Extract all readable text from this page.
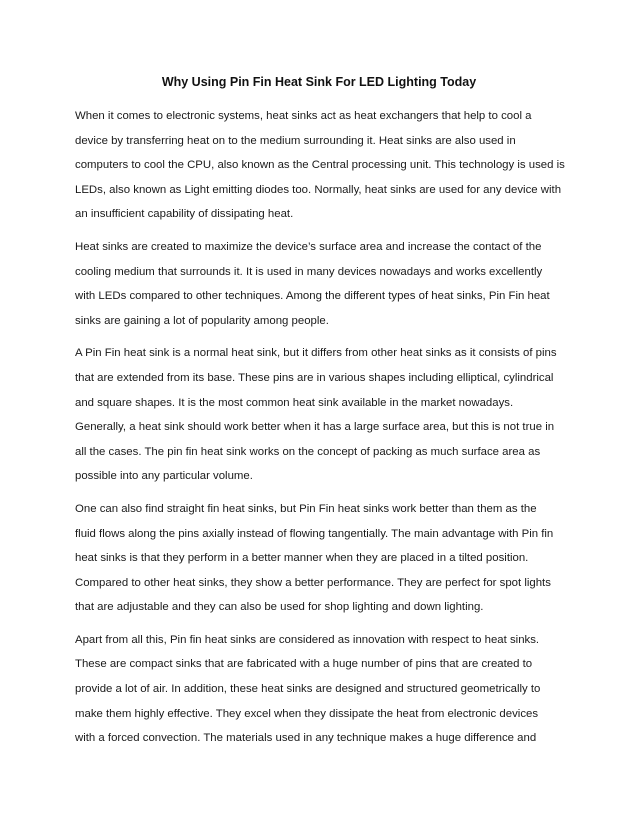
Why Using Pin Fin Heat Sink For LED Lighting Today

When it comes to electronic systems, heat sinks act as heat exchangers that help to cool a
device by transferring heat on to the medium surrounding it. Heat sinks are also used in
computers to cool the CPU, also known as the Central processing unit. This technology is used is
LEDs, also known as Light emitting diodes too. Normally, heat sinks are used for any device with
an insufficient capability of dissipating heat.

Heat sinks are created to maximize the device’s surface area and increase the contact of the
cooling medium that surrounds it. It is used in many devices nowadays and works excellently
with LEDs compared to other techniques. Among the different types of heat sinks, Pin Fin heat
sinks are gaining a lot of popularity among people.

A Pin Fin heat sink is a normal heat sink, but it differs from other heat sinks as it consists of pins
that are extended from its base. These pins are in various shapes including elliptical, cylindrical
and square shapes. It is the most common heat sink available in the market nowadays.
Generally, a heat sink should work better when it has a large surface area, but this is not true in
all the cases. The pin fin heat sink works on the concept of packing as much surface area as
possible into any particular volume.

One can also find straight fin heat sinks, but Pin Fin heat sinks work better than them as the
fluid flows along the pins axially instead of flowing tangentially. The main advantage with Pin fin
heat sinks is that they perform in a better manner when they are placed in a tilted position.
Compared to other heat sinks, they show a better performance. They are perfect for spot lights
that are adjustable and they can also be used for shop lighting and down lighting.

Apart from all this, Pin fin heat sinks are considered as innovation with respect to heat sinks.
These are compact sinks that are fabricated with a huge number of pins that are created to
provide a lot of air. In addition, these heat sinks are designed and structured geometrically to
make them highly effective. They excel when they dissipate the heat from electronic devices
with a forced convection. The materials used in any technique makes a huge difference and
